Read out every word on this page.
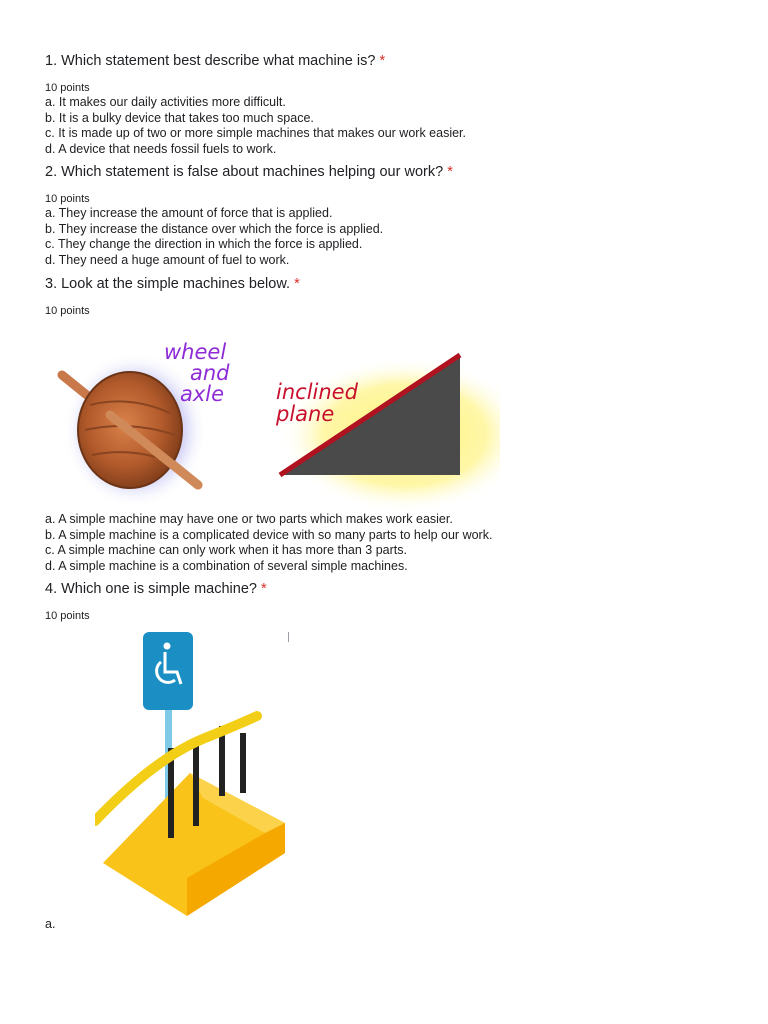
1. Which statement best describe what machine is? *

10 points
a. It makes our daily activities more difficult.
b. It is a bulky device that takes too much space.
c. It is made up of two or more simple machines that makes our work easier.
d. A device that needs fossil fuels to work.

2. Which statement is false about machines helping our work? *

10 points
a. They increase the amount of force that is applied.
b. They increase the distance over which the force is applied.
c. They change the direction in which the force is applied.
d. They need a huge amount of fuel to work.

3. Look at the simple machines below. *

10 points
wheel
and
axle inclined
plane
a. A simple machine may have one or two parts which makes work easier.
b. A simple machine is a complicated device with so many parts to help our work.
c. A simple machine can only work when it has more than 3 parts.
d. A simple machine is a combination of several simple machines.

4. Which one is simple machine? *

10 points
a.
